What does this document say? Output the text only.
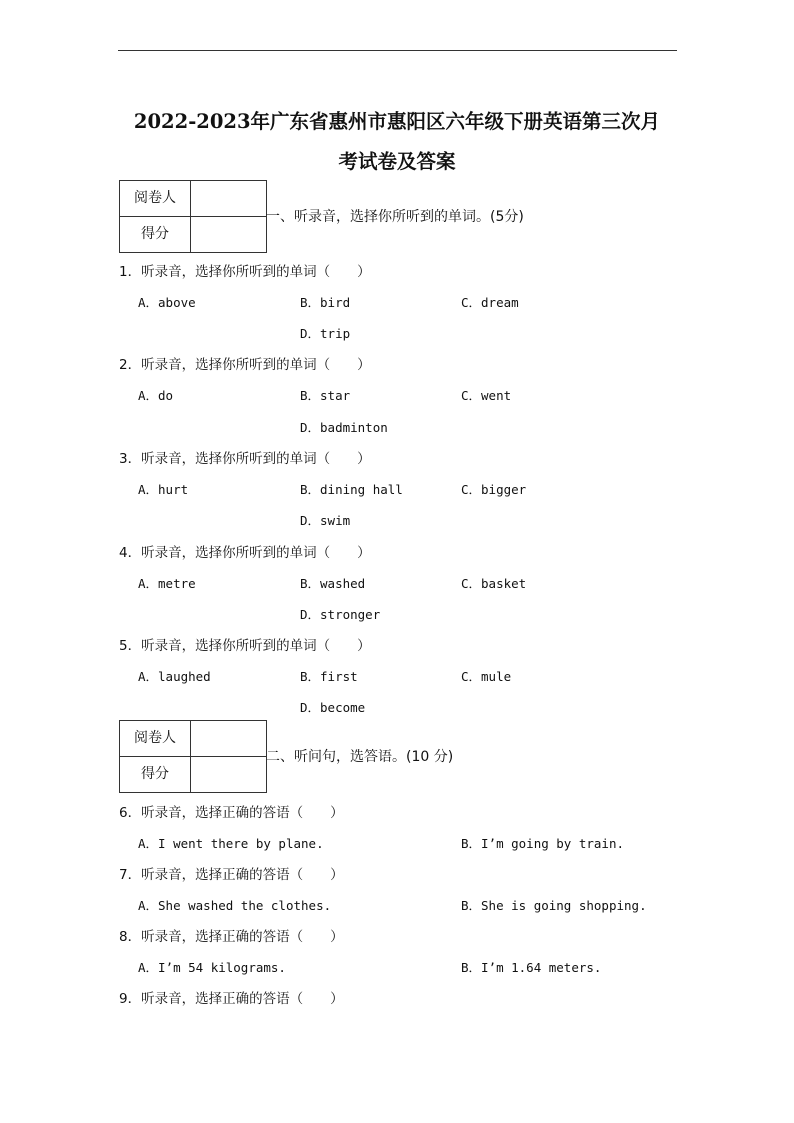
2022-2023年广东省惠州市惠阳区六年级下册英语第三次月
考试卷及答案
阅卷人
得分
一、听录音，选择你所听到的单词。(5分)
1．听录音，选择你所听到的单词（　　）
A．above	B．bird	C．dream
D．trip
2．听录音，选择你所听到的单词（　　）
A．do	B．star	C．went
D．badminton
3．听录音，选择你所听到的单词（　　）
A．hurt	B．dining hall	C．bigger
D．swim
4．听录音，选择你所听到的单词（　　）
A．metre	B．washed	C．basket
D．stronger
5．听录音，选择你所听到的单词（　　）
A．laughed	B．first	C．mule
D．become
阅卷人
得分
二、听问句，选答语。(10 分)
6．听录音，选择正确的答语（　　）
A．I went there by plane.	B．I’m going by train.
7．听录音，选择正确的答语（　　）
A．She washed the clothes.	B．She is going shopping.
8．听录音，选择正确的答语（　　）
A．I’m 54 kilograms.	B．I’m 1.64 meters.
9．听录音，选择正确的答语（　　）
